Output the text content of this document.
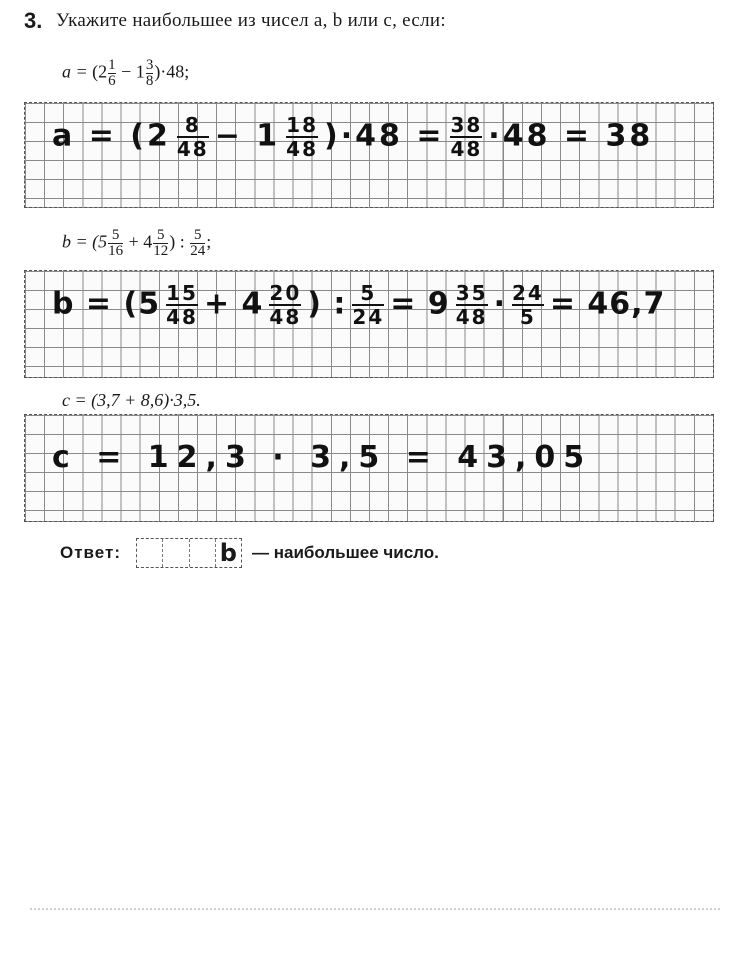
3. Укажите наибольшее из чисел a, b или c, если:
$a = (2 \frac{1}{6} - 1 \frac{3}{8} )\cdot 48$;
$a = (2 \frac{8}{48} - 1 \frac{18}{48} )\cdot 48 = \frac{38}{48} \cdot 48 = 38$
$b = (5 \frac{5}{16} + 4 \frac{5}{12}$ ) : $\frac{5}{24}$ ;
$b = (5 \frac{15}{48} + 4 \frac{20}{48}$ ) : $\frac{5}{24} = 9 \frac{35}{48} \cdot \frac{24}{5} = 46,7$
c = (3,7 + 8,6)·3,5.
c = 12,3 · 3,5 = 43,05
Ответ:	b — наибольшее число.
